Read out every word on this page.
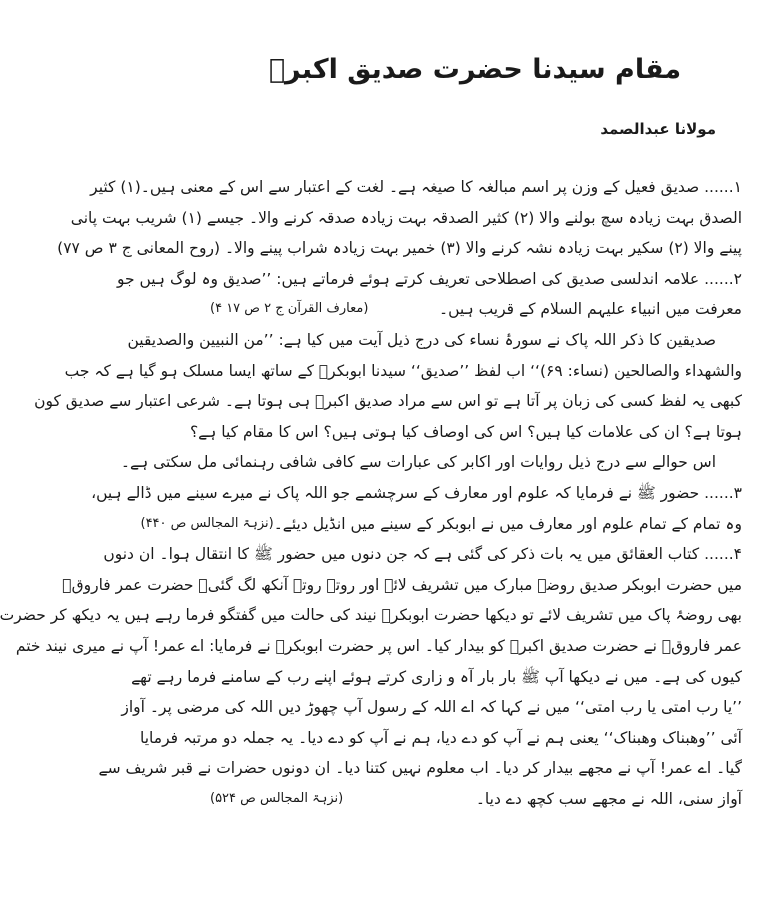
مقام سیدنا حضرت صدیق اکبرؓ
مولانا عبدالصمد
۱...... صدیق فعیل کے وزن پر اسم مبالغہ کا صیغہ ہے۔ لغت کے اعتبار سے اس کے معنی ہیں۔(۱) کثیر
الصدق بہت زیادہ سچ بولنے والا (۲) کثیر الصدقہ بہت زیادہ صدقہ کرنے والا۔ جیسے (۱) شریب بہت پانی
پینے والا (۲) سکیر بہت زیادہ نشہ کرنے والا (۳) خمیر بہت زیادہ شراب پینے والا۔ (روح المعانی ج ۳ ص ۷۷)
۲...... علامہ اندلسی صدیق کی اصطلاحی تعریف کرتے ہوئے فرماتے ہیں: ’’صدیق وہ لوگ ہیں جو
معرفت میں انبیاء علیہم السلام کے قریب ہیں۔
(معارف القرآن ج ۲ ص ۱۷ ۴)
صدیقین کا ذکر اللہ پاک نے سورۂ نساء کی درج ذیل آیت میں کیا ہے: ’’من النبیین والصدیقین
والشهداء والصالحين (نساء: ۶۹)‘‘ اب لفظ ’’صدیق‘‘ سیدنا ابوبکرؓ کے ساتھ ایسا مسلک ہو گیا ہے کہ جب
کبھی یہ لفظ کسی کی زبان پر آتا ہے تو اس سے مراد صدیق اکبرؓ ہی ہوتا ہے۔ شرعی اعتبار سے صدیق کون
ہوتا ہے؟ ان کی علامات کیا ہیں؟ اس کی اوصاف کیا ہوتی ہیں؟ اس کا مقام کیا ہے؟
اس حوالے سے درج ذیل روایات اور اکابر کی عبارات سے کافی شافی رہنمائی مل سکتی ہے۔
۳...... حضور ﷺ نے فرمایا کہ علوم اور معارف کے سرچشمے جو اللہ پاک نے میرے سینے میں ڈالے ہیں،
وہ تمام کے تمام علوم اور معارف میں نے ابوبکر کے سینے میں انڈیل دیئے۔
(نزہۃ المجالس ص ۴۴۰)
۴...... کتاب العقائق میں یہ بات ذکر کی گئی ہے کہ جن دنوں میں حضور ﷺ کا انتقال ہوا۔ ان دنوں
میں حضرت ابوبکر صدیق روضۂ مبارک میں تشریف لائے اور روتے روتے آنکھ لگ گئی۔ حضرت عمر فاروقؓ
بھی روضۂ پاک میں تشریف لائے تو دیکھا حضرت ابوبکرؓ نیند کی حالت میں گفتگو فرما رہے ہیں یہ دیکھ کر حضرت
عمر فاروقؓ نے حضرت صدیق اکبرؓ کو بیدار کیا۔ اس پر حضرت ابوبکرؓ نے فرمایا: اے عمر! آپ نے میری نیند ختم
کیوں کی ہے۔ میں نے دیکھا آپ ﷺ بار بار آہ و زاری کرتے ہوئے اپنے رب کے سامنے فرما رہے تھے
’’یا رب امتی یا رب امتی‘‘ میں نے کہا کہ اے اللہ کے رسول آپ چھوڑ دیں اللہ کی مرضی پر۔ آواز
آئی ’’وھبناک وھبناک‘‘ یعنی ہم نے آپ کو دے دیا، ہم نے آپ کو دے دیا۔ یہ جملہ دو مرتبہ فرمایا
گیا۔ اے عمر! آپ نے مجھے بیدار کر دیا۔ اب معلوم نہیں کتنا دیا۔ ان دونوں حضرات نے قبر شریف سے
آواز سنی، اللہ نے مجھے سب کچھ دے دیا۔
(نزہۃ المجالس ص ۵۲۴)
